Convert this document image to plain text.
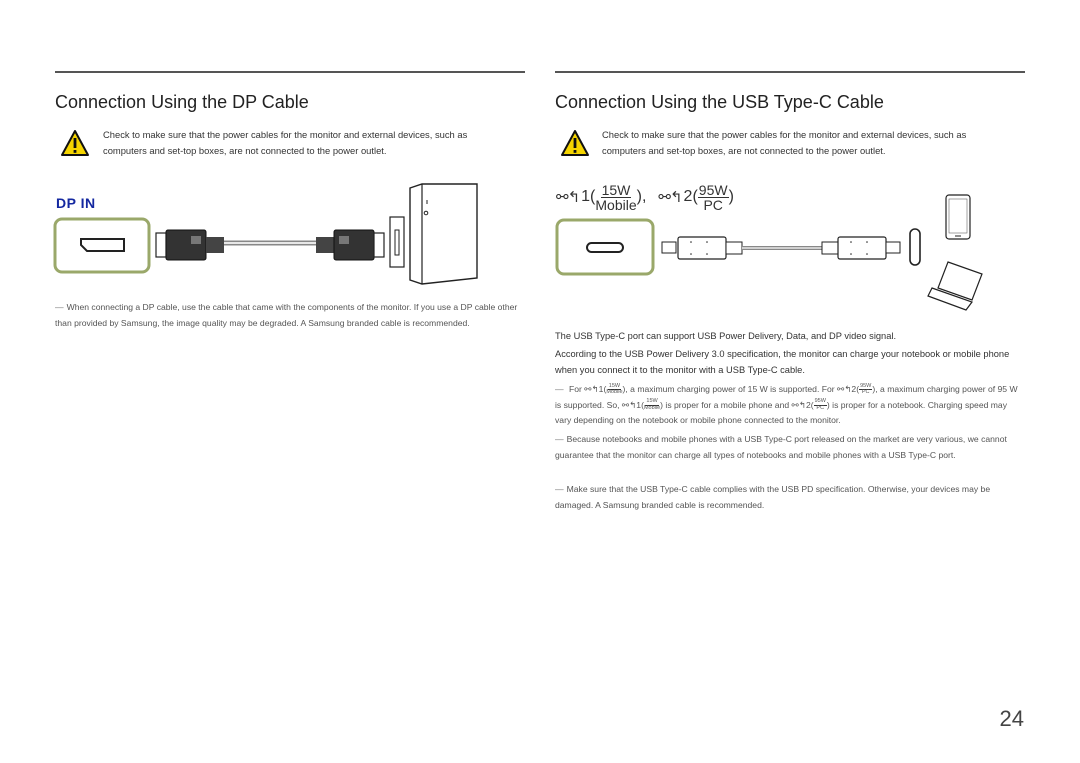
Connection Using the DP Cable
Check to make sure that the power cables for the monitor and external devices, such as computers and set-top boxes, are not connected to the power outlet.
DP IN
— When connecting a DP cable, use the cable that came with the components of the monitor. If you use a DP cable other than provided by Samsung, the image quality may be degraded. A Samsung branded cable is recommended.
Connection Using the USB Type-C Cable
Check to make sure that the power cables for the monitor and external devices, such as computers and set-top boxes, are not connected to the power outlet.
⚯↰ 1 ( $\frac{15W}{\text{Mobile}}$ ), ⚯↰ 2 ( $\frac{95W}{PC}$ )
The USB Type-C port can support USB Power Delivery, Data, and DP video signal.
According to the USB Power Delivery 3.0 specification, the monitor can charge your notebook or mobile phone when you connect it to the monitor with a USB Type-C cable.
— For ⚯↰1( $\frac{15W}{\text{Mobile}}$ ), a maximum charging power of 15 W is supported. For ⚯↰2( $\frac{95W}{PC}$ ), a maximum charging power of 95 W is supported. So, ⚯↰1( $\frac{15W}{\text{Mobile}}$ ) is proper for a mobile phone and ⚯↰2( $\frac{95W}{PC}$ ) is proper for a notebook. Charging speed may vary depending on the notebook or mobile phone connected to the monitor.
— Because notebooks and mobile phones with a USB Type-C port released on the market are very various, we cannot guarantee that the monitor can charge all types of notebooks and mobile phones with a USB Type-C port.
— Make sure that the USB Type-C cable complies with the USB PD specification. Otherwise, your devices may be damaged. A Samsung branded cable is recommended.
24
